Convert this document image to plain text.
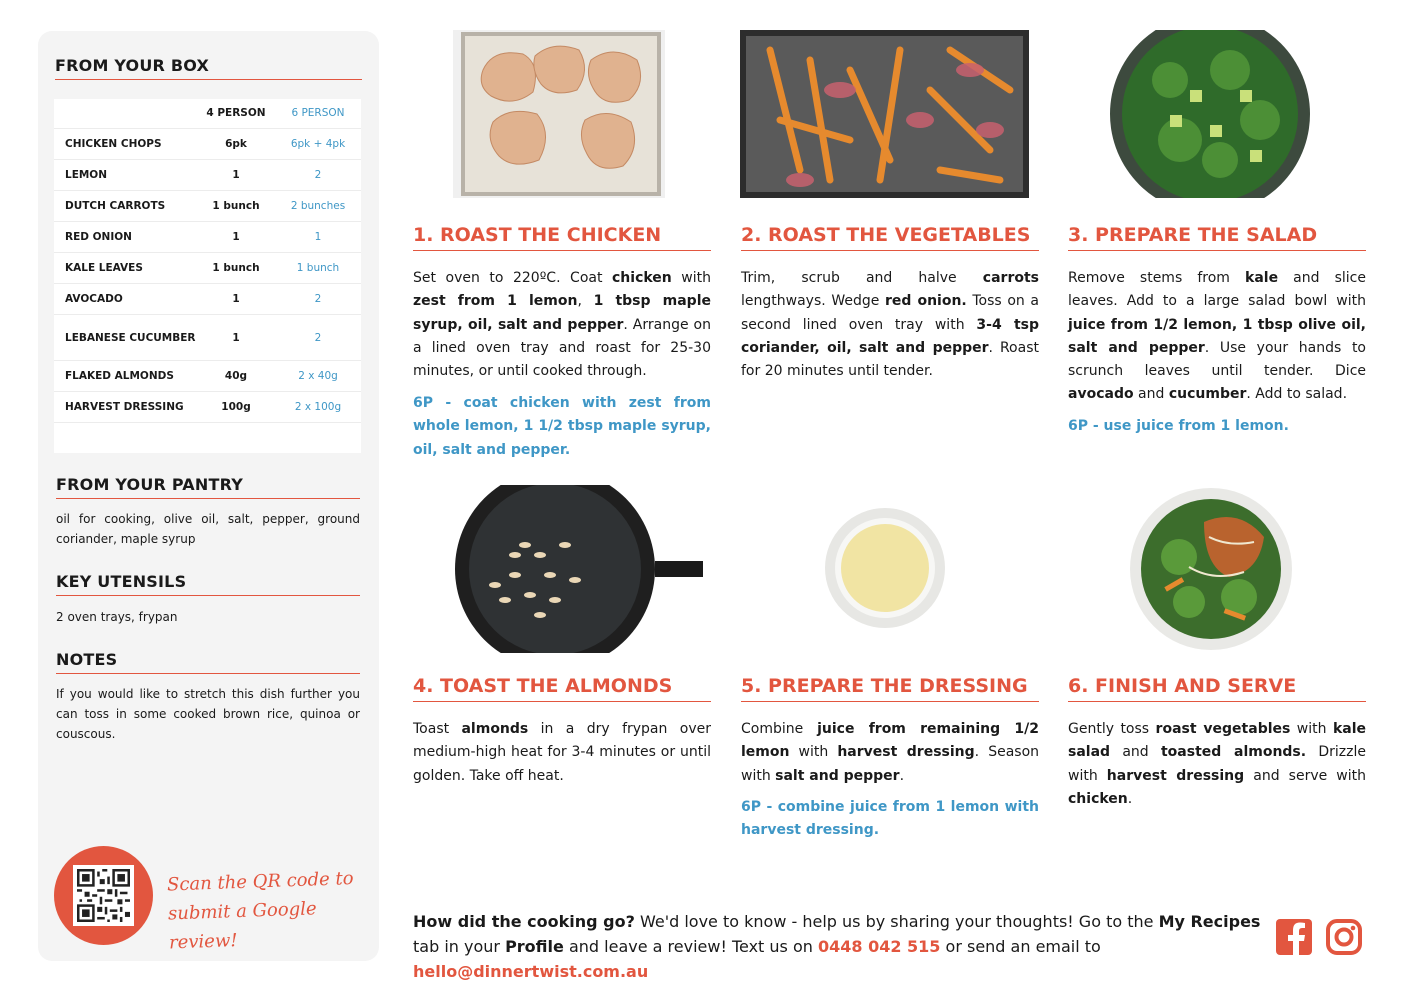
FROM YOUR BOX
	4 PERSON	6 PERSON
CHICKEN CHOPS	6pk	6pk + 4pk
LEMON	1	2
DUTCH CARROTS	1 bunch	2 bunches
RED ONION	1	1
KALE LEAVES	1 bunch	1 bunch
AVOCADO	1	2
LEBANESE CUCUMBER	1	2
FLAKED ALMONDS	40g	2 x 40g
HARVEST DRESSING	100g	2 x 100g

FROM YOUR PANTRY
oil for cooking, olive oil, salt, pepper, ground coriander, maple syrup
KEY UTENSILS
2 oven trays, frypan
NOTES
If you would like to stretch this dish further you can toss in some cooked brown rice, quinoa or couscous.
Scan the QR code to
submit a Google review!
1. ROAST THE CHICKEN
Set oven to 220ºC. Coat chicken with zest from 1 lemon, 1 tbsp maple syrup, oil, salt and pepper. Arrange on a lined oven tray and roast for 25-30 minutes, or until cooked through.
6P - coat chicken with zest from whole lemon, 1 1/2 tbsp maple syrup, oil, salt and pepper.
2. ROAST THE VEGETABLES
Trim, scrub and halve carrots lengthways. Wedge red onion. Toss on a second lined oven tray with 3-4 tsp coriander, oil, salt and pepper. Roast for 20 minutes until tender.
3. PREPARE THE SALAD
Remove stems from kale and slice leaves. Add to a large salad bowl with juice from 1/2 lemon, 1 tbsp olive oil, salt and pepper. Use your hands to scrunch leaves until tender. Dice avocado and cucumber. Add to salad.
6P - use juice from 1 lemon.
4. TOAST THE ALMONDS
Toast almonds in a dry frypan over medium-high heat for 3-4 minutes or until golden. Take off heat.
5. PREPARE THE DRESSING
Combine juice from remaining 1/2 lemon with harvest dressing. Season with salt and pepper.
6P - combine juice from 1 lemon with harvest dressing.
6. FINISH AND SERVE
Gently toss roast vegetables with kale salad and toasted almonds. Drizzle with harvest dressing and serve with chicken.
How did the cooking go? We'd love to know - help us by sharing your thoughts! Go to the My Recipes tab in your Profile and leave a review! Text us on 0448 042 515 or send an email to hello@dinnertwist.com.au
